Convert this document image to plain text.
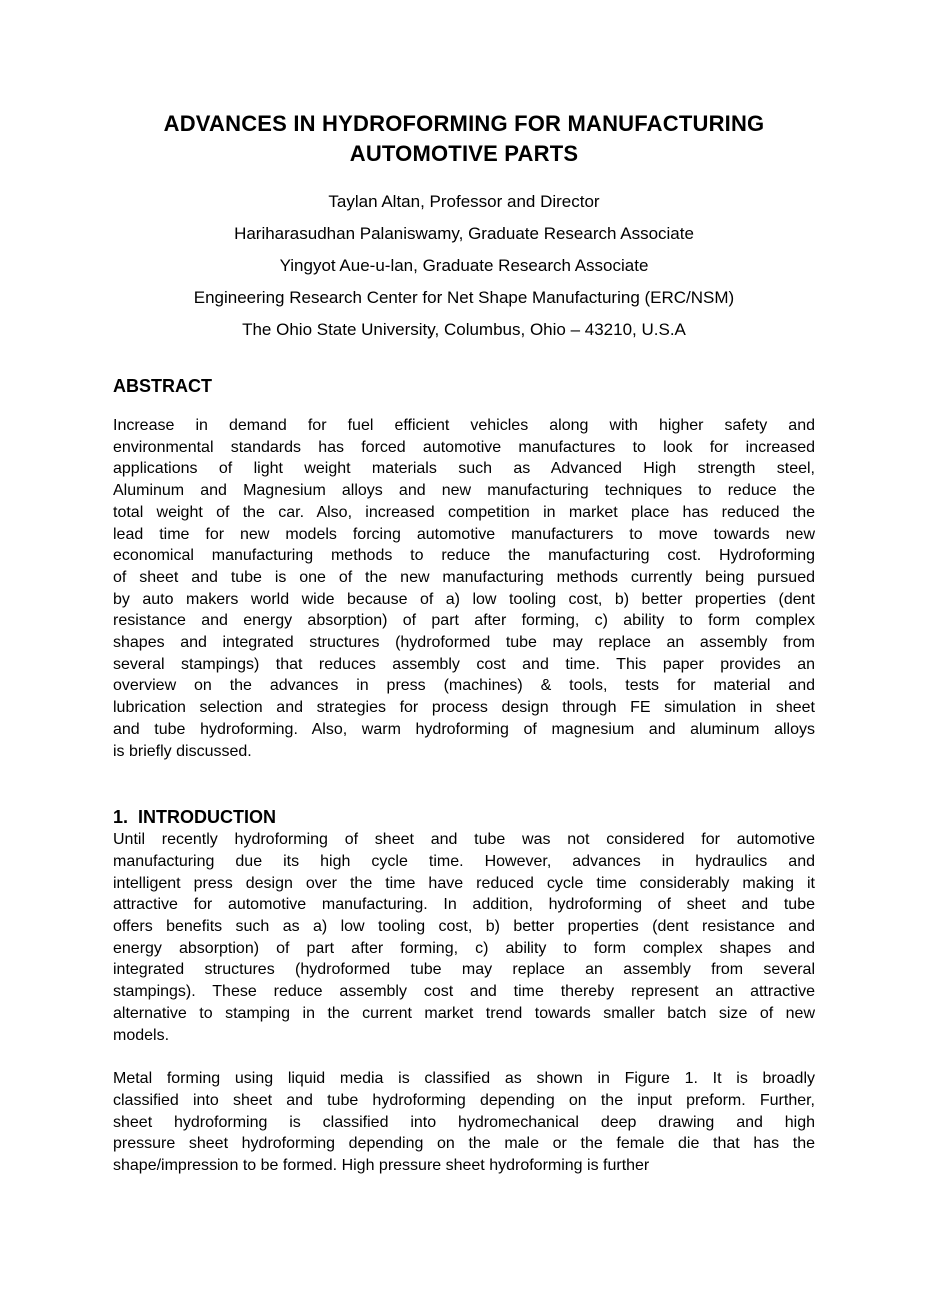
ADVANCES IN HYDROFORMING FOR MANUFACTURING AUTOMOTIVE PARTS
Taylan Altan, Professor and Director
Hariharasudhan Palaniswamy, Graduate Research Associate
Yingyot Aue-u-lan, Graduate Research Associate
Engineering Research Center for Net Shape Manufacturing (ERC/NSM)
The Ohio State University, Columbus, Ohio – 43210, U.S.A
ABSTRACT
Increase in demand for fuel efficient vehicles along with higher safety and
environmental standards has forced automotive manufactures to look for increased
applications of light weight materials such as Advanced High strength steel,
Aluminum and Magnesium alloys and new manufacturing techniques to reduce the
total weight of the car. Also, increased competition in market place has reduced the
lead time for new models forcing automotive manufacturers to move towards new
economical manufacturing methods to reduce the manufacturing cost. Hydroforming
of sheet and tube is one of the new manufacturing methods currently being pursued
by auto makers world wide because of a) low tooling cost, b) better properties (dent
resistance and energy absorption) of part after forming, c) ability to form complex
shapes and integrated structures (hydroformed tube may replace an assembly from
several stampings) that reduces assembly cost and time. This paper provides an
overview on the advances in press (machines) & tools, tests for material and
lubrication selection and strategies for process design through FE simulation in sheet
and tube hydroforming. Also, warm hydroforming of magnesium and aluminum alloys
is briefly discussed.
1.  INTRODUCTION
Until recently hydroforming of sheet and tube was not considered for automotive
manufacturing due its high cycle time. However, advances in hydraulics and
intelligent press design over the time have reduced cycle time considerably making it
attractive for automotive manufacturing. In addition, hydroforming of sheet and tube
offers benefits such as a) low tooling cost, b) better properties (dent resistance and
energy absorption) of part after forming, c) ability to form complex shapes and
integrated structures (hydroformed tube may replace an assembly from several
stampings). These reduce assembly cost and time thereby represent an attractive
alternative to stamping in the current market trend towards smaller batch size of new
models.
Metal forming using liquid media is classified as shown in Figure 1. It is broadly
classified into sheet and tube hydroforming depending on the input preform. Further,
sheet hydroforming is classified into hydromechanical deep drawing and high
pressure sheet hydroforming depending on the male or the female die that has the
shape/impression to be formed. High pressure sheet hydroforming is further
